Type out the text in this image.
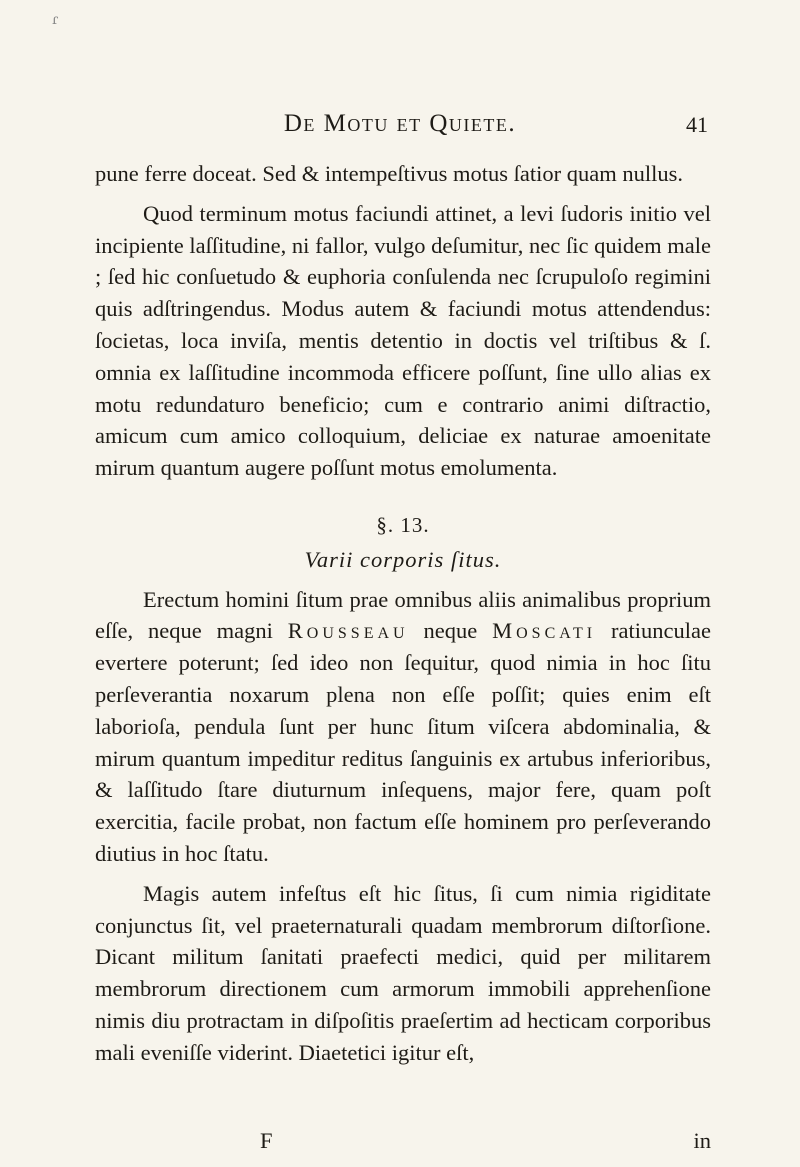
ɾ
De Motu et Quiete.	41

pune ferre doceat. Sed & intempeſtivus motus ſatior quam nullus.

Quod terminum motus faciundi attinet, a levi ſudoris initio vel incipiente laſſitudine, ni fallor, vulgo deſumitur, nec ſic quidem male ; ſed hic conſuetudo & euphoria conſulenda nec ſcrupuloſo regimini quis adſtringendus. Modus autem & faciundi motus attendendus: ſocietas, loca inviſa, mentis detentio in doctis vel triſtibus & ſ. omnia ex laſſitudine incommoda efficere poſſunt, ſine ullo alias ex motu redundaturo beneficio; cum e contrario animi diſtractio, amicum cum amico colloquium, deliciae ex naturae amoenitate mirum quantum augere poſſunt motus emolumenta.

§. 13.

Varii corporis ſitus.

Erectum homini ſitum prae omnibus aliis animalibus proprium eſſe, neque magni Rousseau neque Moscati ratiunculae evertere poterunt; ſed ideo non ſequitur, quod nimia in hoc ſitu perſeverantia noxarum plena non eſſe poſſit; quies enim eſt laborioſa, pendula ſunt per hunc ſitum viſcera abdominalia, & mirum quantum impeditur reditus ſanguinis ex artubus inferioribus, & laſſitudo ſtare diuturnum inſequens, major fere, quam poſt exercitia, facile probat, non factum eſſe hominem pro perſeverando diutius in hoc ſtatu.

Magis autem infeſtus eſt hic ſitus, ſi cum nimia rigiditate conjunctus ſit, vel praeternaturali quadam membrorum diſtorſione. Dicant militum ſanitati praefecti medici, quid per militarem membrorum directionem cum armorum immobili apprehenſione nimis diu protractam in diſpoſitis praeſertim ad hecticam corporibus mali eveniſſe viderint. Diaetetici igitur eſt,

F	in
